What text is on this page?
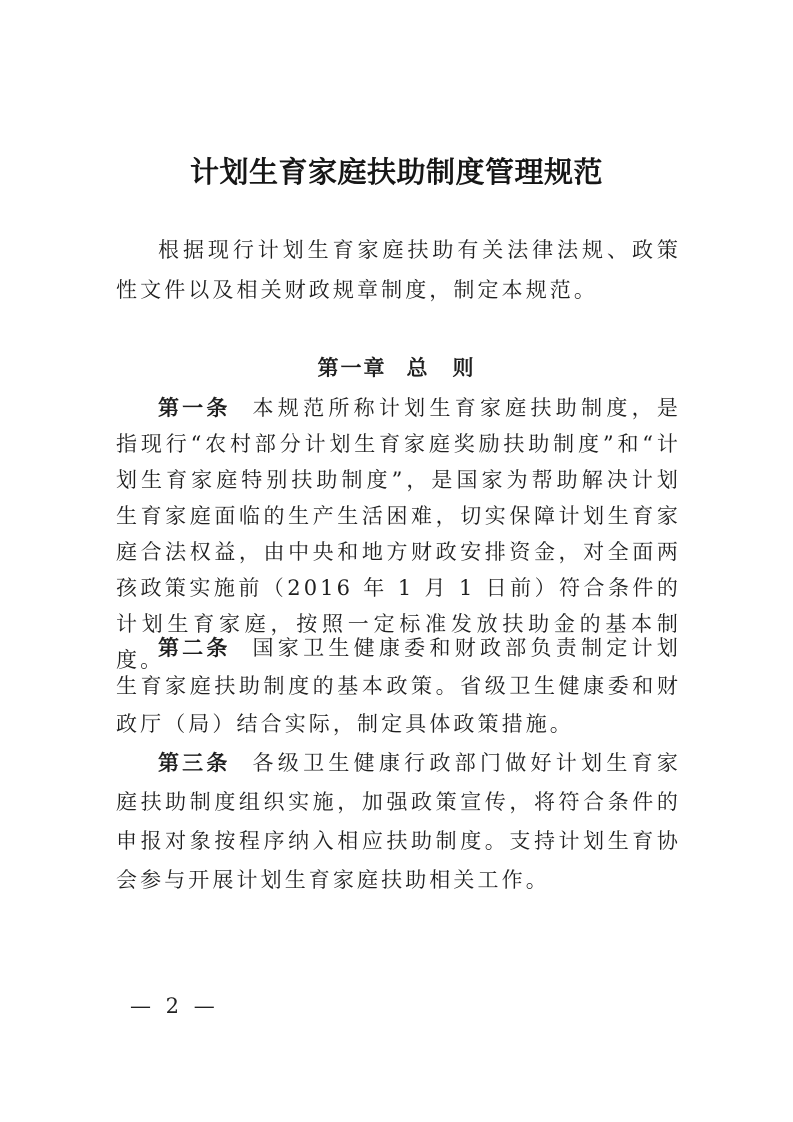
计划生育家庭扶助制度管理规范

根据现行计划生育家庭扶助有关法律法规、政策性文件以及相关财政规章制度，制定本规范。

第一章 总　则

第一条 本规范所称计划生育家庭扶助制度，是指现行“农村部分计划生育家庭奖励扶助制度”和“计划生育家庭特别扶助制度”，是国家为帮助解决计划生育家庭面临的生产生活困难，切实保障计划生育家庭合法权益，由中央和地方财政安排资金，对全面两孩政策实施前（2016 年 1 月 1 日前）符合条件的计划生育家庭，按照一定标准发放扶助金的基本制度。

第二条 国家卫生健康委和财政部负责制定计划生育家庭扶助制度的基本政策。省级卫生健康委和财政厅（局）结合实际，制定具体政策措施。

第三条 各级卫生健康行政部门做好计划生育家庭扶助制度组织实施，加强政策宣传，将符合条件的申报对象按程序纳入相应扶助制度。支持计划生育协会参与开展计划生育家庭扶助相关工作。

— 2 —
